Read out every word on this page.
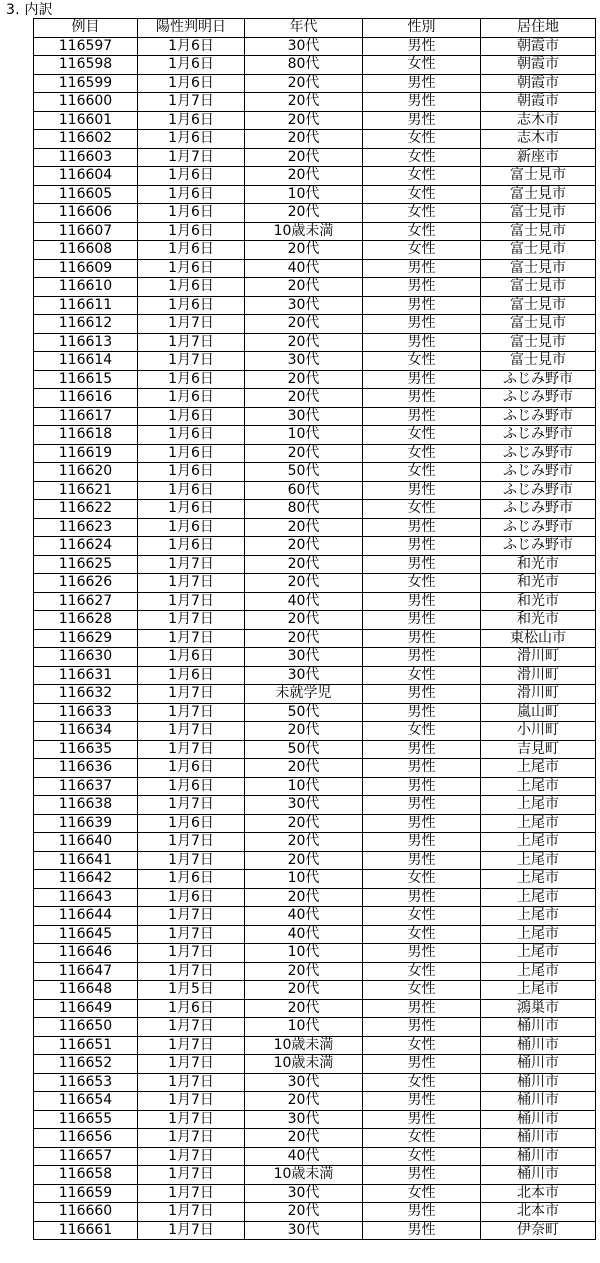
3. 内訳
例目	陽性判明日	年代	性別	居住地
116597	1月6日	30代	男性	朝霞市
116598	1月6日	80代	女性	朝霞市
116599	1月6日	20代	男性	朝霞市
116600	1月7日	20代	男性	朝霞市
116601	1月6日	20代	男性	志木市
116602	1月6日	20代	女性	志木市
116603	1月7日	20代	女性	新座市
116604	1月6日	20代	女性	富士見市
116605	1月6日	10代	女性	富士見市
116606	1月6日	20代	女性	富士見市
116607	1月6日	10歳未満	女性	富士見市
116608	1月6日	20代	女性	富士見市
116609	1月6日	40代	男性	富士見市
116610	1月6日	20代	男性	富士見市
116611	1月6日	30代	男性	富士見市
116612	1月7日	20代	男性	富士見市
116613	1月7日	20代	男性	富士見市
116614	1月7日	30代	女性	富士見市
116615	1月6日	20代	男性	ふじみ野市
116616	1月6日	20代	男性	ふじみ野市
116617	1月6日	30代	男性	ふじみ野市
116618	1月6日	10代	女性	ふじみ野市
116619	1月6日	20代	女性	ふじみ野市
116620	1月6日	50代	女性	ふじみ野市
116621	1月6日	60代	男性	ふじみ野市
116622	1月6日	80代	女性	ふじみ野市
116623	1月6日	20代	男性	ふじみ野市
116624	1月6日	20代	男性	ふじみ野市
116625	1月7日	20代	男性	和光市
116626	1月7日	20代	女性	和光市
116627	1月7日	40代	男性	和光市
116628	1月7日	20代	男性	和光市
116629	1月7日	20代	男性	東松山市
116630	1月6日	30代	男性	滑川町
116631	1月6日	30代	女性	滑川町
116632	1月7日	未就学児	男性	滑川町
116633	1月7日	50代	男性	嵐山町
116634	1月7日	20代	女性	小川町
116635	1月7日	50代	男性	吉見町
116636	1月6日	20代	男性	上尾市
116637	1月6日	10代	男性	上尾市
116638	1月7日	30代	男性	上尾市
116639	1月6日	20代	男性	上尾市
116640	1月7日	20代	男性	上尾市
116641	1月7日	20代	男性	上尾市
116642	1月6日	10代	女性	上尾市
116643	1月6日	20代	男性	上尾市
116644	1月7日	40代	女性	上尾市
116645	1月7日	40代	女性	上尾市
116646	1月7日	10代	男性	上尾市
116647	1月7日	20代	女性	上尾市
116648	1月5日	20代	女性	上尾市
116649	1月6日	20代	男性	鴻巣市
116650	1月7日	10代	男性	桶川市
116651	1月7日	10歳未満	女性	桶川市
116652	1月7日	10歳未満	男性	桶川市
116653	1月7日	30代	女性	桶川市
116654	1月7日	20代	男性	桶川市
116655	1月7日	30代	男性	桶川市
116656	1月7日	20代	女性	桶川市
116657	1月7日	40代	女性	桶川市
116658	1月7日	10歳未満	男性	桶川市
116659	1月7日	30代	女性	北本市
116660	1月7日	20代	男性	北本市
116661	1月7日	30代	男性	伊奈町
